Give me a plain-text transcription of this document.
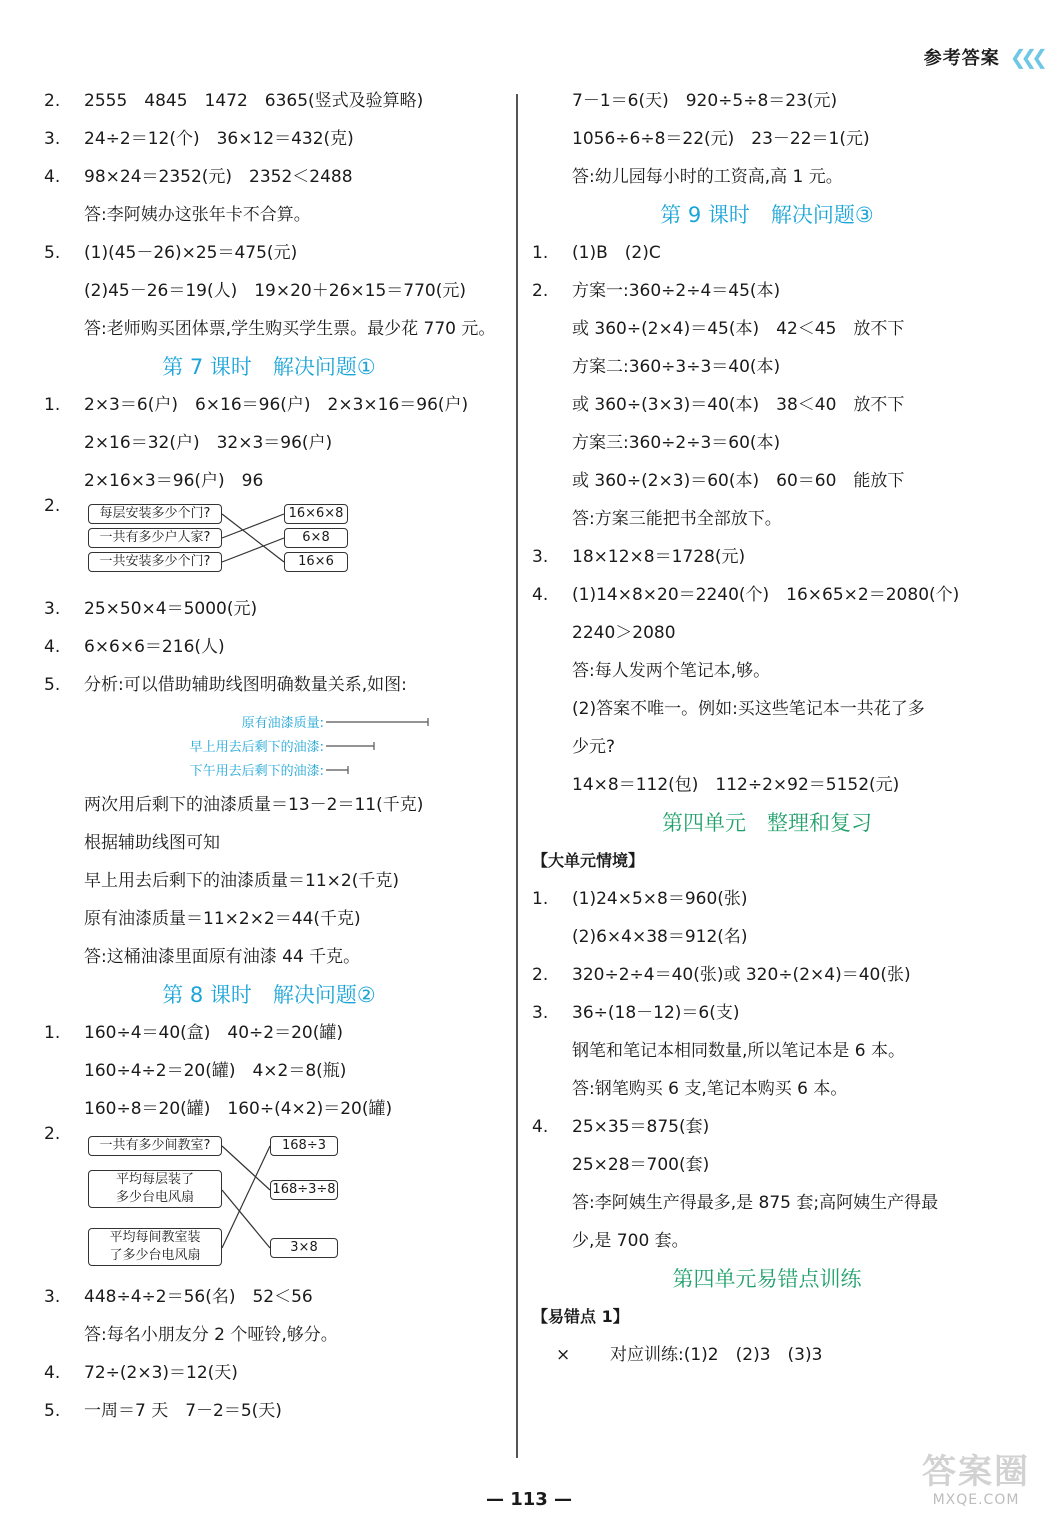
参考答案 ❮❮❮
2.	2555　4845　1472　6365(竖式及验算略)
3.	24÷2＝12(个)　36×12＝432(克)
4.	98×24＝2352(元)　2352＜2488
答:李阿姨办这张年卡不合算。
5.	(1)(45－26)×25＝475(元)
(2)45－26＝19(人)　19×20＋26×15＝770(元)
答:老师购买团体票,学生购买学生票。最少花 770 元。
第 7 课时　解决问题①
1.	2×3＝6(户)　6×16＝96(户)　2×3×16＝96(户)
2×16＝32(户)　32×3＝96(户)
2×16×3＝96(户)　96
2.	每层安装多少个门?
一共有多少户人家?
一共安装多少个门?
16×6×8
6×8
16×6
3.	25×50×4＝5000(元)
4.	6×6×6＝216(人)
5.	分析:可以借助辅助线图明确数量关系,如图:
原有油漆质量:
早上用去后剩下的油漆:
下午用去后剩下的油漆:
两次用后剩下的油漆质量＝13－2＝11(千克)
根据辅助线图可知
早上用去后剩下的油漆质量＝11×2(千克)
原有油漆质量＝11×2×2＝44(千克)
答:这桶油漆里面原有油漆 44 千克。
第 8 课时　解决问题②
1.	160÷4＝40(盒)　40÷2＝20(罐)
160÷4÷2＝20(罐)　4×2＝8(瓶)
160÷8＝20(罐)　160÷(4×2)＝20(罐)
2.
一共有多少间教室?
平均每层装了
多少台电风扇
平均每间教室装
了多少台电风扇
168÷3
168÷3÷8
3×8
3.	448÷4÷2＝56(名)　52＜56
答:每名小朋友分 2 个哑铃,够分。
4.	72÷(2×3)＝12(天)
5.	一周＝7 天　7－2＝5(天)
7－1＝6(天)　920÷5÷8＝23(元)
1056÷6÷8＝22(元)　23－22＝1(元)
答:幼儿园每小时的工资高,高 1 元。
第 9 课时　解决问题③
1.	(1)B　(2)C
2.	方案一:360÷2÷4＝45(本)
或 360÷(2×4)＝45(本)　42＜45　放不下
方案二:360÷3÷3＝40(本)
或 360÷(3×3)＝40(本)　38＜40　放不下
方案三:360÷2÷3＝60(本)
或 360÷(2×3)＝60(本)　60＝60　能放下
答:方案三能把书全部放下。
3.	18×12×8＝1728(元)
4.	(1)14×8×20＝2240(个)　16×65×2＝2080(个)
2240＞2080
答:每人发两个笔记本,够。
(2)答案不唯一。例如:买这些笔记本一共花了多
少元?
14×8＝112(包)　112÷2×92＝5152(元)
第四单元　整理和复习
【大单元情境】
1.	(1)24×5×8＝960(张)
(2)6×4×38＝912(名)
2.	320÷2÷4＝40(张)或 320÷(2×4)＝40(张)
3.	36÷(18－12)＝6(支)
钢笔和笔记本相同数量,所以笔记本是 6 本。
答:钢笔购买 6 支,笔记本购买 6 本。
4.	25×35＝875(套)
25×28＝700(套)
答:李阿姨生产得最多,是 875 套;高阿姨生产得最
少,是 700 套。
第四单元易错点训练
【易错点 1】
× 对应训练:(1)2　(2)3　(3)3
— 113 —
答案圈
MXQE.COM
